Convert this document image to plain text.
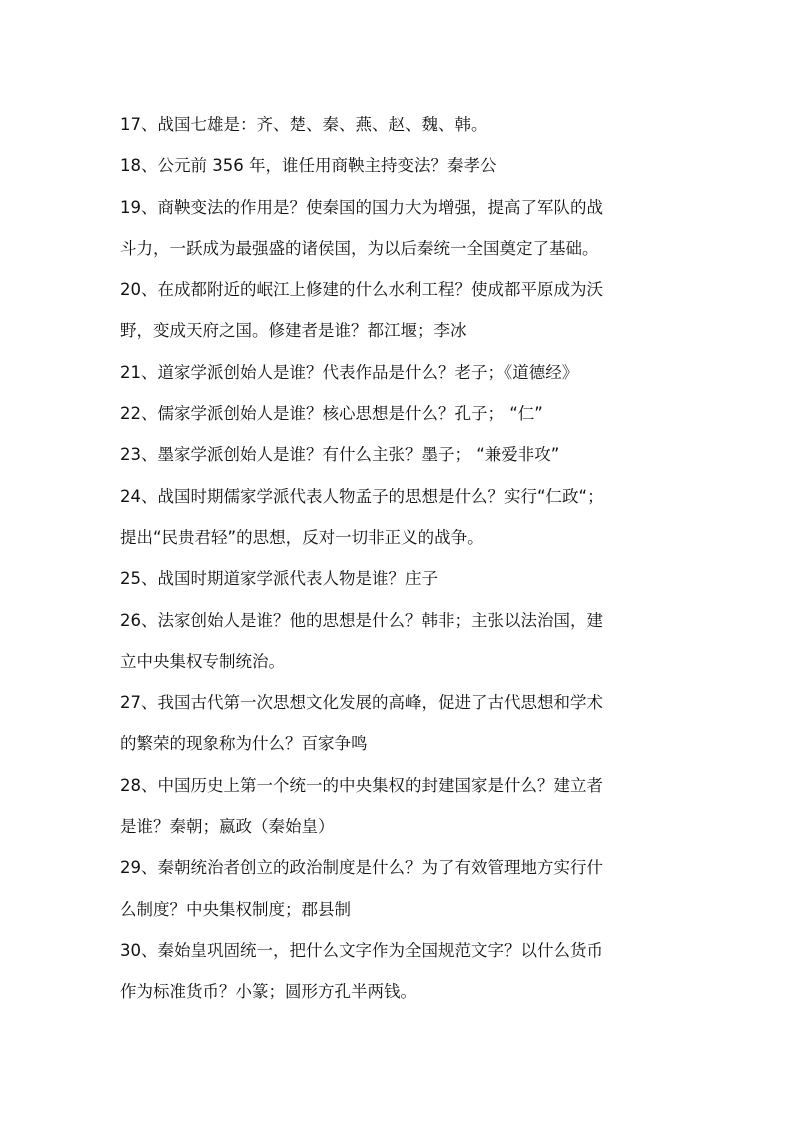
17、战国七雄是：齐、楚、秦、燕、赵、魏、韩。
18、公元前 356 年，谁任用商鞅主持变法？秦孝公
19、商鞅变法的作用是？使秦国的国力大为增强，提高了军队的战
斗力，一跃成为最强盛的诸侯国，为以后秦统一全国奠定了基础。
20、在成都附近的岷江上修建的什么水利工程？使成都平原成为沃
野，变成天府之国。修建者是谁？都江堰；李冰
21、道家学派创始人是谁？代表作品是什么？老子；《道德经》
22、儒家学派创始人是谁？核心思想是什么？孔子； “仁”
23、墨家学派创始人是谁？有什么主张？墨子； “兼爱非攻”
24、战国时期儒家学派代表人物孟子的思想是什么？实行“仁政“；
提出“民贵君轻”的思想，反对一切非正义的战争。
25、战国时期道家学派代表人物是谁？庄子
26、法家创始人是谁？他的思想是什么？韩非；主张以法治国，建
立中央集权专制统治。
27、我国古代第一次思想文化发展的高峰，促进了古代思想和学术
的繁荣的现象称为什么？百家争鸣
28、中国历史上第一个统一的中央集权的封建国家是什么？建立者
是谁？秦朝；嬴政（秦始皇）
29、秦朝统治者创立的政治制度是什么？为了有效管理地方实行什
么制度？中央集权制度；郡县制
30、秦始皇巩固统一，把什么文字作为全国规范文字？以什么货币
作为标准货币？小篆；圆形方孔半两钱。
